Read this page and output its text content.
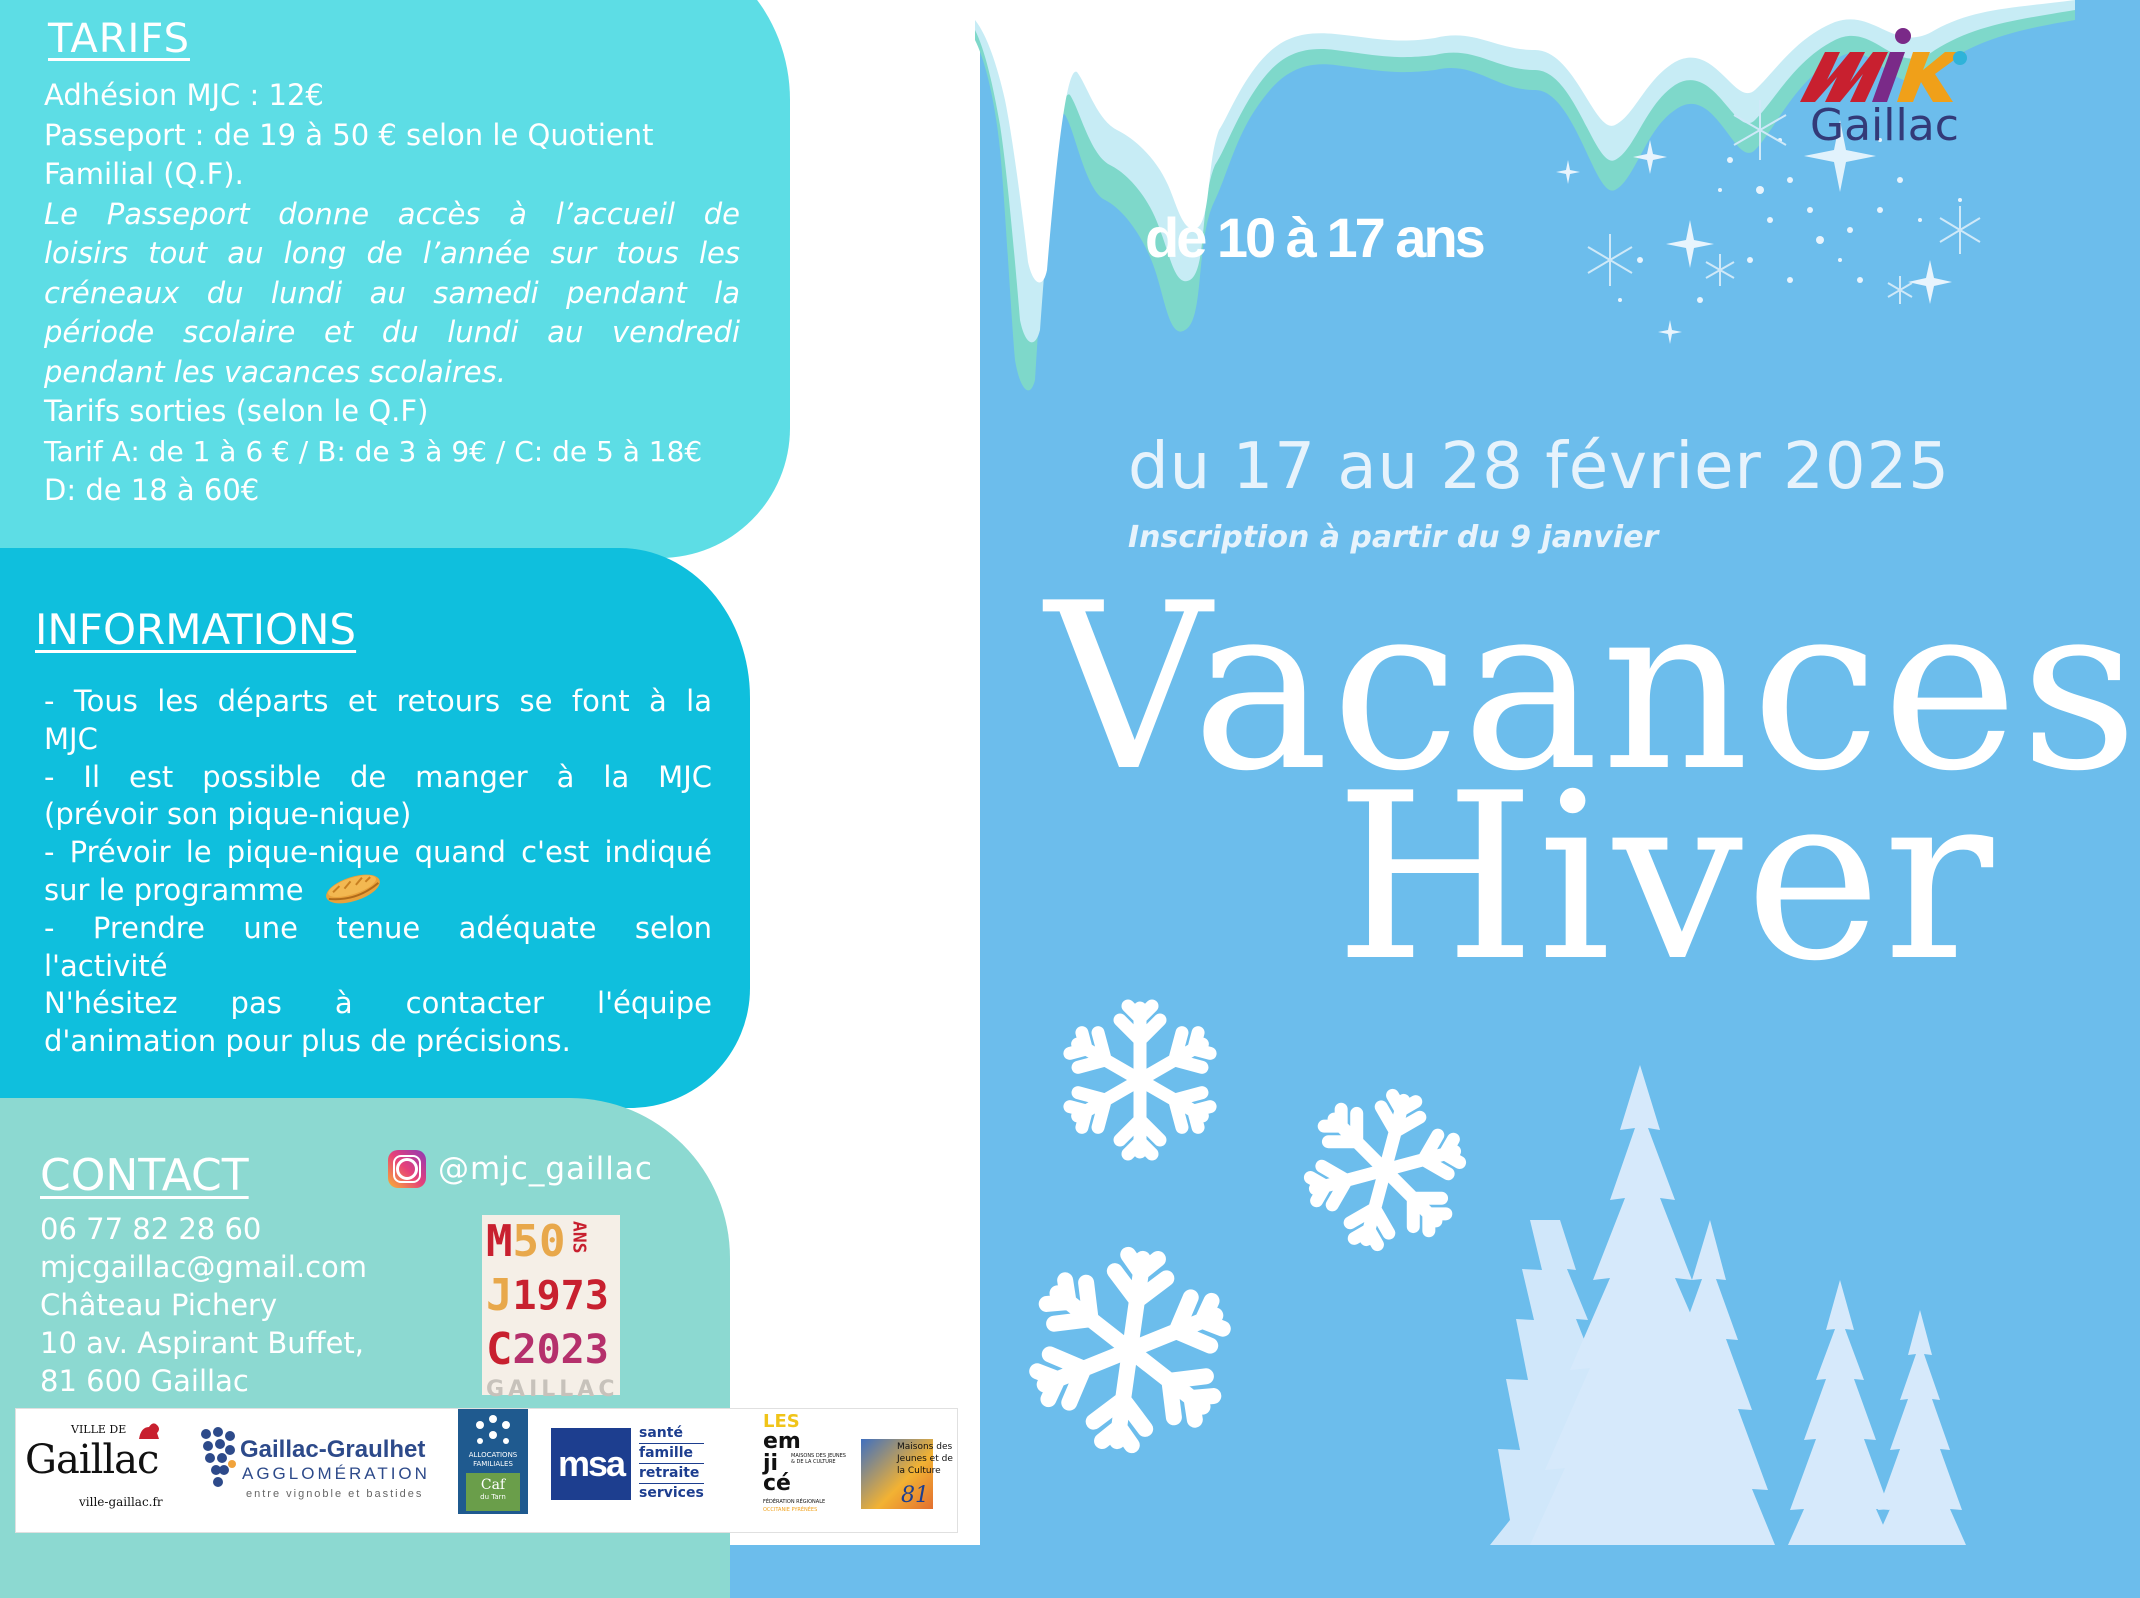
TARIFS

Adhésion MJC : 12€

Passeport : de 19 à 50 € selon le Quotient

Familial (Q.F).

Le Passeport donne accès à l’accueil de

loisirs tout au long de l’année sur tous les

créneaux du lundi au samedi pendant la

période scolaire et du lundi au vendredi

pendant les vacances scolaires.

Tarifs sorties (selon le Q.F)

Tarif A: de 1 à 6 € / B: de 3 à 9€ / C: de 5 à 18€

D: de 18 à 60€

INFORMATIONS

- Tous les départs et retours se font à la

MJC

- Il est possible de manger à la MJC

(prévoir son pique-nique)

- Prévoir le pique-nique quand c'est indiqué

sur le programme

- Prendre une tenue adéquate selon

l'activité

N'hésitez pas à contacter l'équipe

d'animation pour plus de précisions.

CONTACT

06 77 82 28 60

mjcgaillac@gmail.com

Château Pichery

10 av. Aspirant Buffet,

81 600 Gaillac

@mjc_gaillac
M 50 ANS
J 1973
C 2023
GAILLAC
VILLE DE
Gaillac
ville-gaillac.fr
Gaillac-Graulhet
AGGLOMÉRATION
entre vignoble et bastides
ALLOCATIONS
FAMILIALES
Caf
du Tarn
msa
santé
famille
retraite
services
LES
em
ji
cé
MAISONS DES JEUNES & DE LA CULTURE
FÉDÉRATION RÉGIONALE
OCCITANIE PYRÉNÉES
Maisons des Jeunes et de la Culture
81
Gaillac
de 10 à 17 ans
du 17 au 28 février 2025
Inscription à partir du 9 janvier
Vacances
Hiver
